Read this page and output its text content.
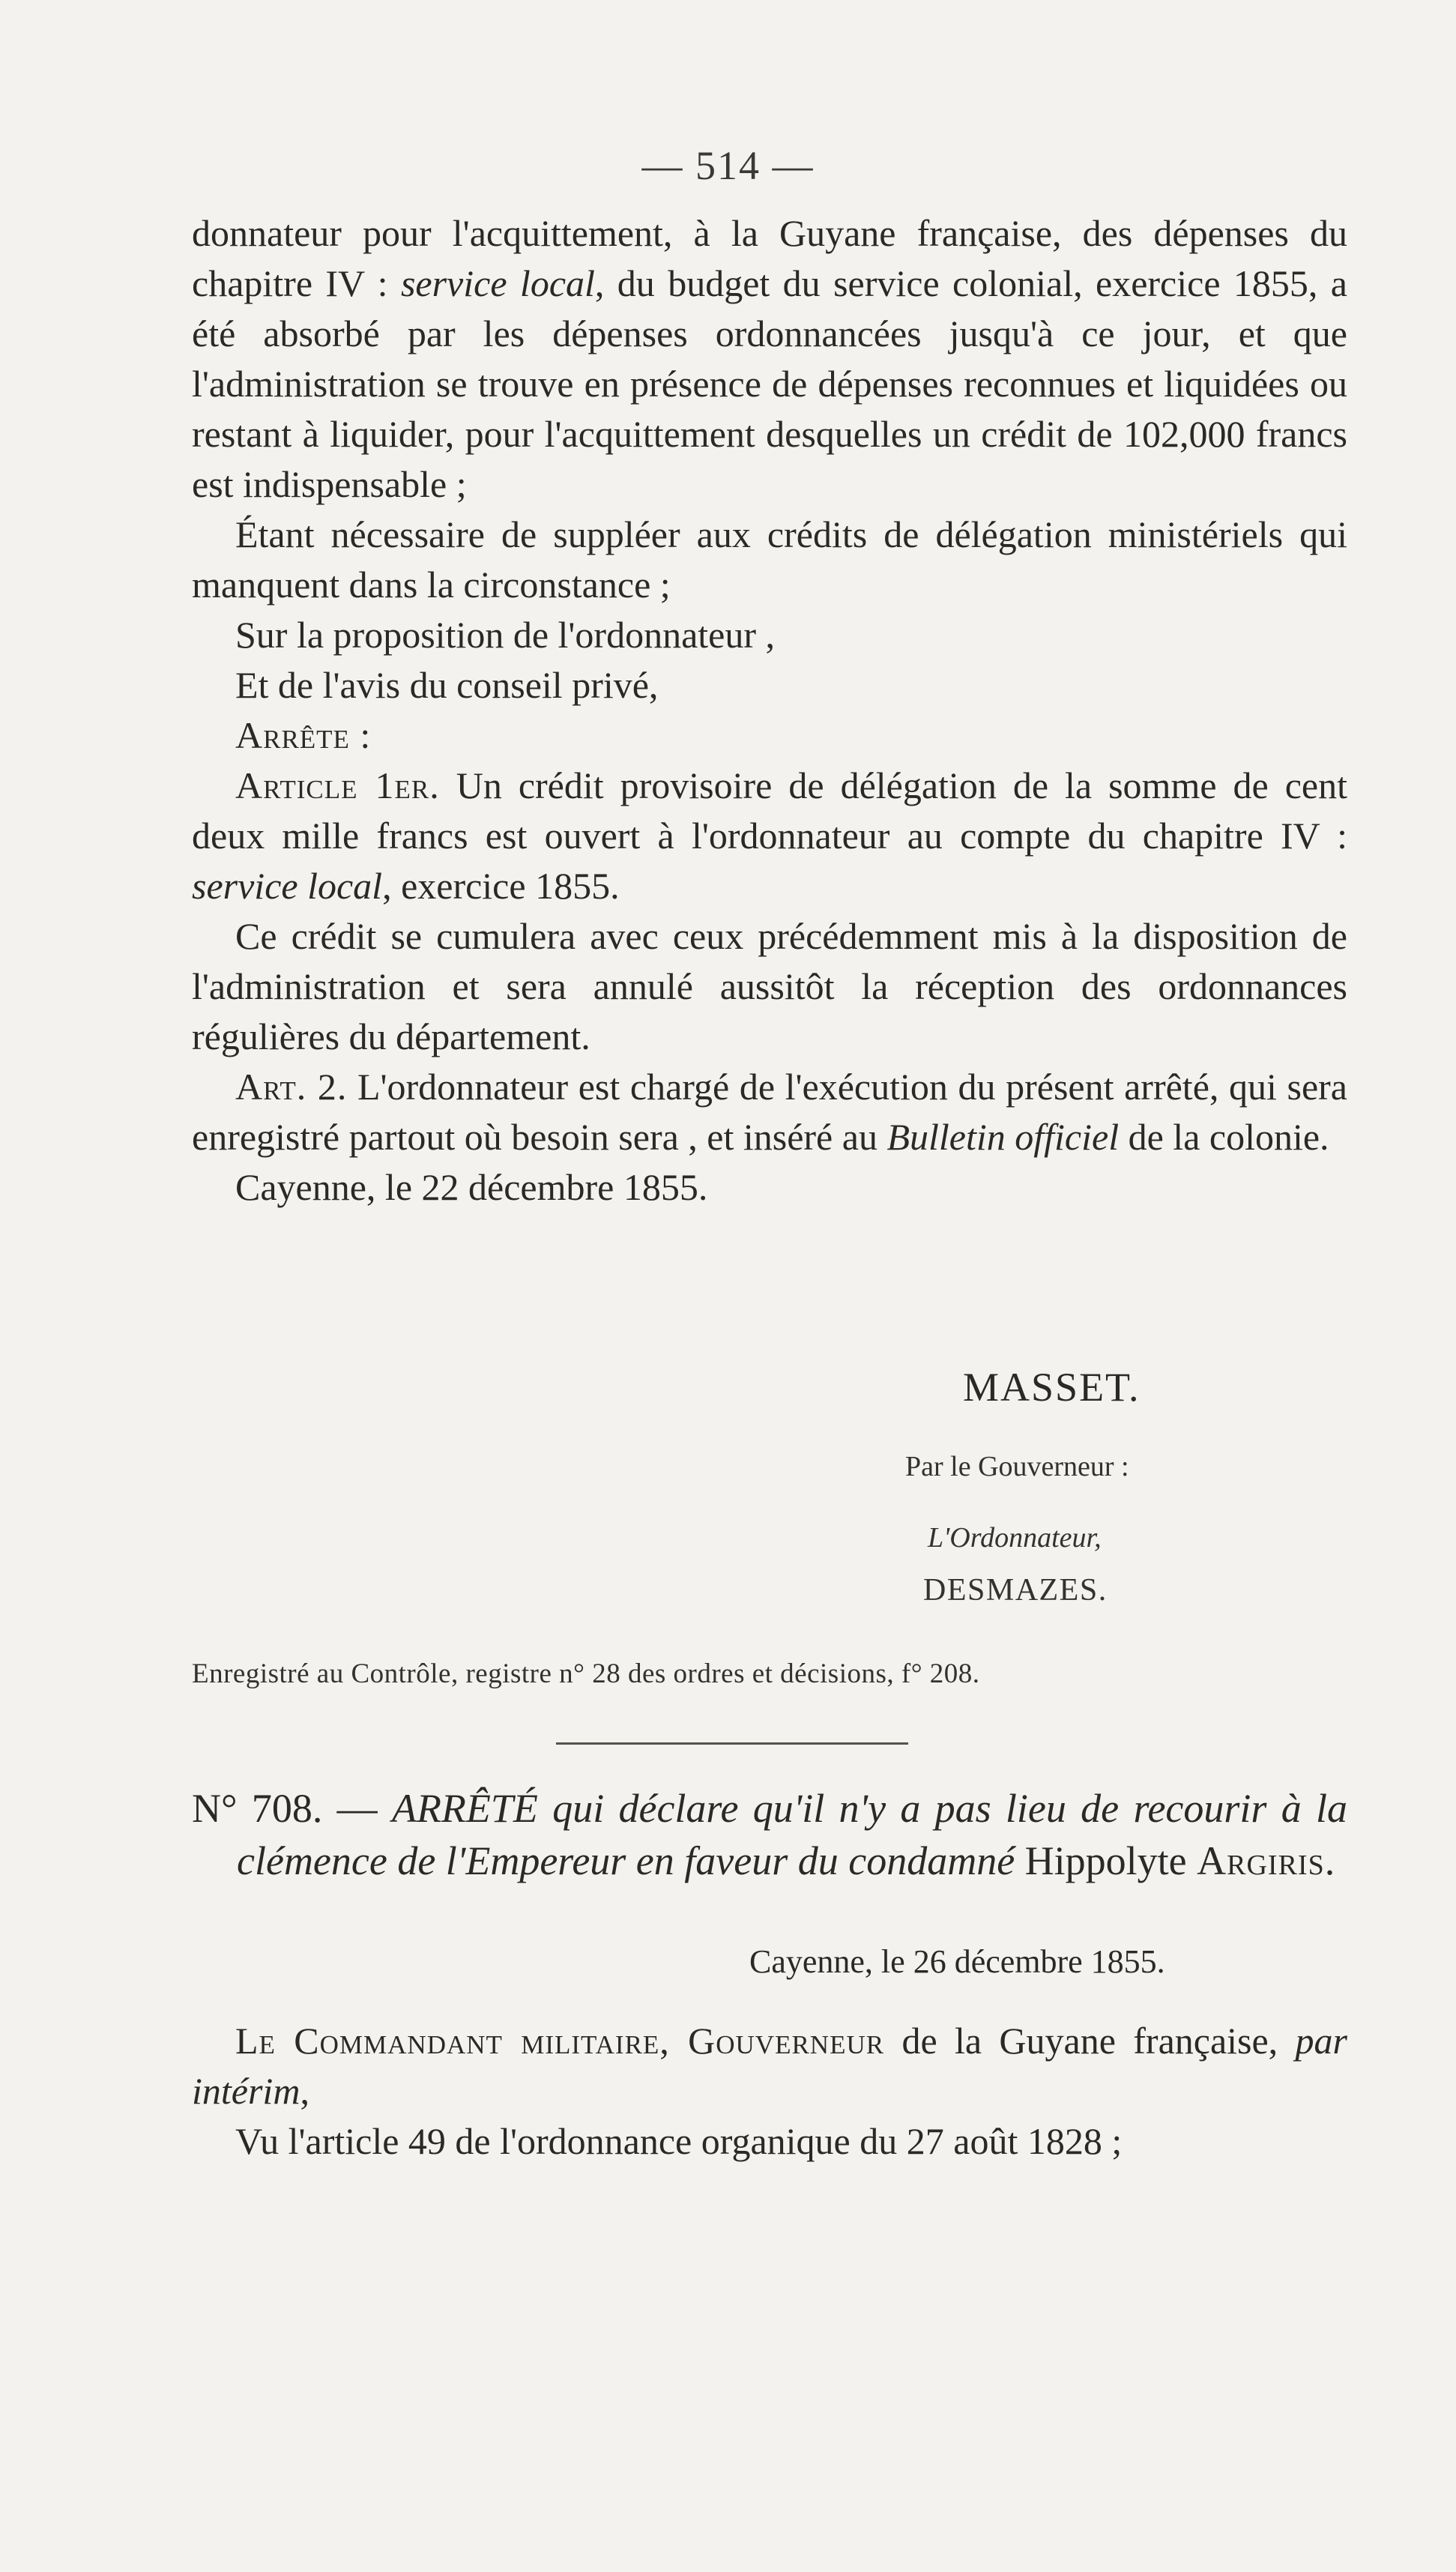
— 514 —

donnateur pour l'acquittement, à la Guyane française, des dépenses du chapitre IV : service local, du budget du service colonial, exercice 1855, a été absorbé par les dépenses ordonnancées jusqu'à ce jour, et que l'administration se trouve en présence de dépenses reconnues et liquidées ou restant à liquider, pour l'acquittement desquelles un crédit de 102,000 francs est indispensable ;

Étant nécessaire de suppléer aux crédits de délégation ministériels qui manquent dans la circonstance ;

Sur la proposition de l'ordonnateur ,

Et de l'avis du conseil privé,

Arrête :

Article 1er. Un crédit provisoire de délégation de la somme de cent deux mille francs est ouvert à l'ordonnateur au compte du chapitre IV : service local, exercice 1855.

Ce crédit se cumulera avec ceux précédemment mis à la disposition de l'administration et sera annulé aussitôt la réception des ordonnances régulières du département.

Art. 2. L'ordonnateur est chargé de l'exécution du présent arrêté, qui sera enregistré partout où besoin sera , et inséré au Bulletin officiel de la colonie.

Cayenne, le 22 décembre 1855.

MASSET.
Par le Gouverneur :
L'Ordonnateur,
DESMAZES.
Enregistré au Contrôle, registre n° 28 des ordres et décisions, f° 208.

N° 708. — ARRÊTÉ qui déclare qu'il n'y a pas lieu de recourir à la clémence de l'Empereur en faveur du condamné Hippolyte Argiris.

Cayenne, le 26 décembre 1855.

Le Commandant militaire, Gouverneur de la Guyane française, par intérim,

Vu l'article 49 de l'ordonnance organique du 27 août 1828 ;
